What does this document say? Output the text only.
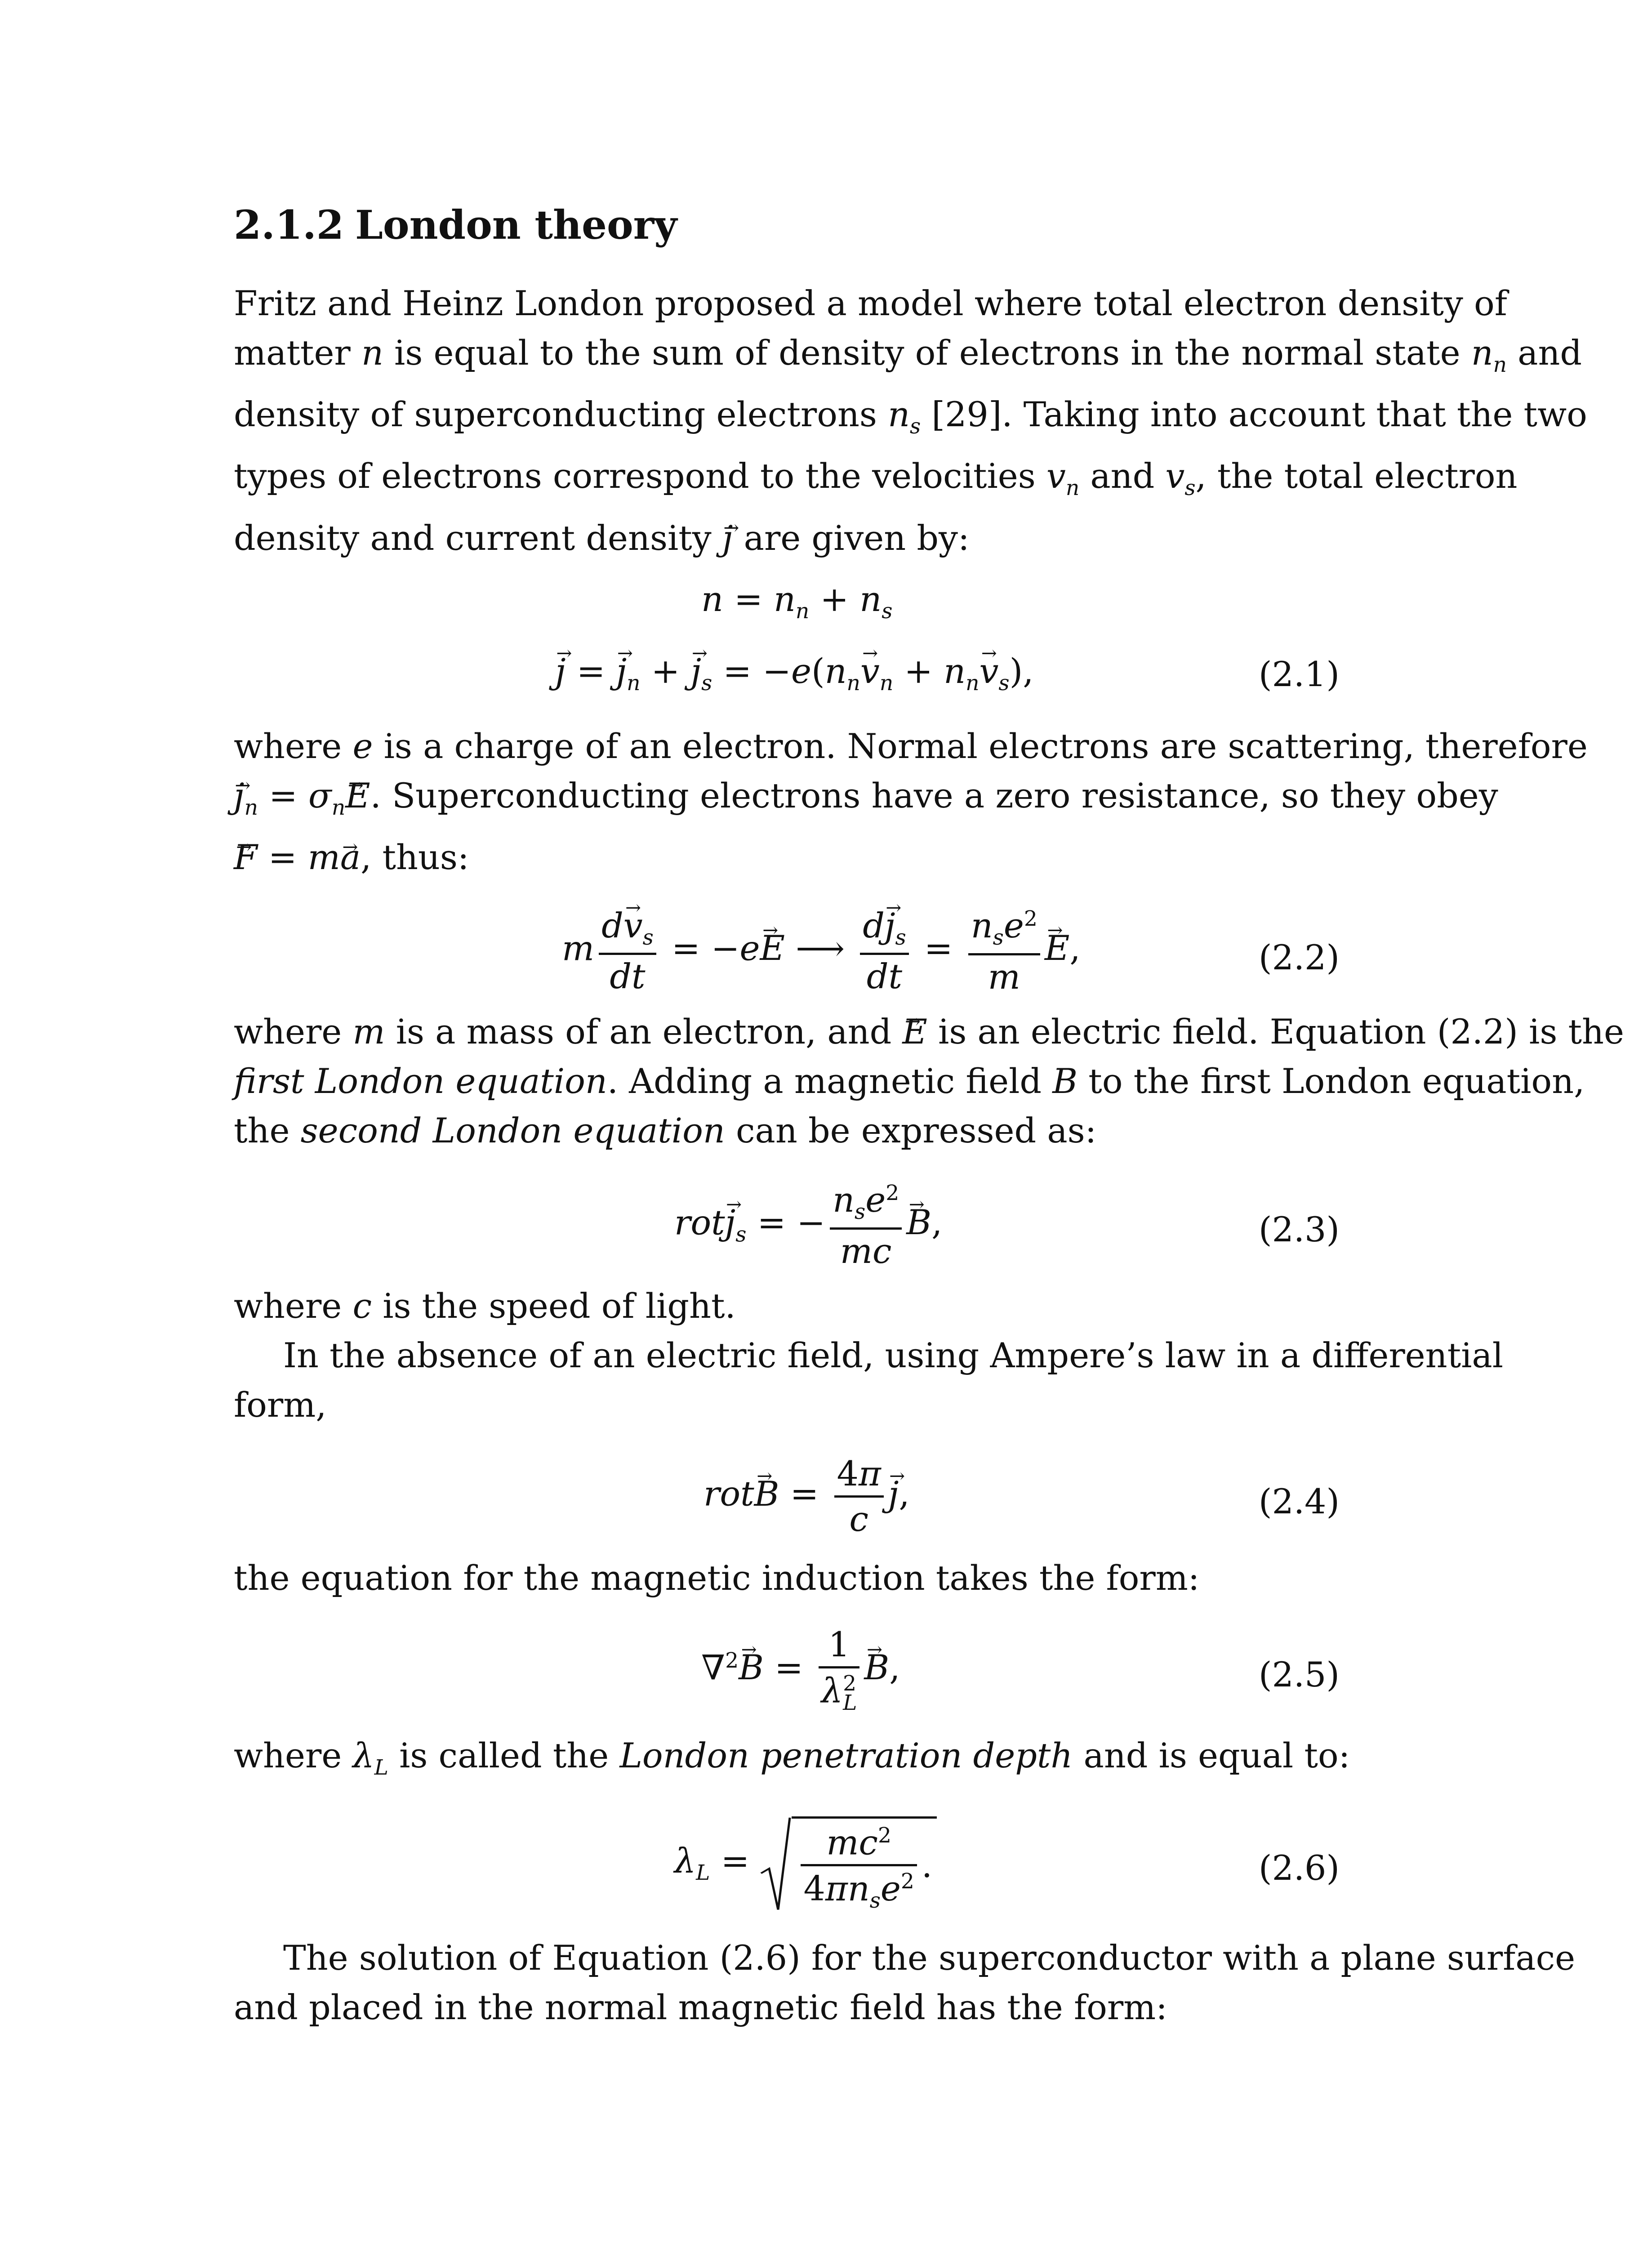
2.1.2 London theory
Fritz and Heinz London proposed a model where total electron density of
matter n is equal to the sum of density of electrons in the normal state $n_n$ and
density of superconducting electrons $n_s$ [29]. Taking into account that the two
types of electrons correspond to the velocities $v_n$ and $v_s$, the total electron
density and current density j → are given by:
$n = n_n + n_s$
j → = $j \to_n + j \to_s = -e(n_nv \to_n + n_nv \to_s)$,	(2.1)
where e is a charge of an electron. Normal electrons are scattering, therefore
$j \to_n = \sigma_nE$ →. Superconducting electrons have a zero resistance, so they obey
F → = ma →, thus:
m $\frac{dv \to_s}{dt} = -eE$ → ⟶ $\frac{dj \to_s}{dt} = \frac{n_se^2}{m}$ E →,	(2.2)
where m is a mass of an electron, and E → is an electric field. Equation (2.2) is the
first London equation. Adding a magnetic field B to the first London equation,
the second London equation can be expressed as:
rotj $\to_s$ = − $\frac{n_se^2}{mc}$ B →,	(2.3)
where c is the speed of light.
In the absence of an electric field, using Ampere’s law in a differential
form,
rotB → = $\frac{4\pi}{c}$ j →,	(2.4)
the equation for the magnetic induction takes the form:
∇$^2$B → = $\frac{1}{\lambda^2_L}$ B →,	(2.5)
where $\lambda_L$ is called the London penetration depth and is equal to:
$\lambda_L = \frac{mc^2}{4\pi n_se^2}$ .	(2.6)
The solution of Equation (2.6) for the superconductor with a plane surface
and placed in the normal magnetic field has the form:
